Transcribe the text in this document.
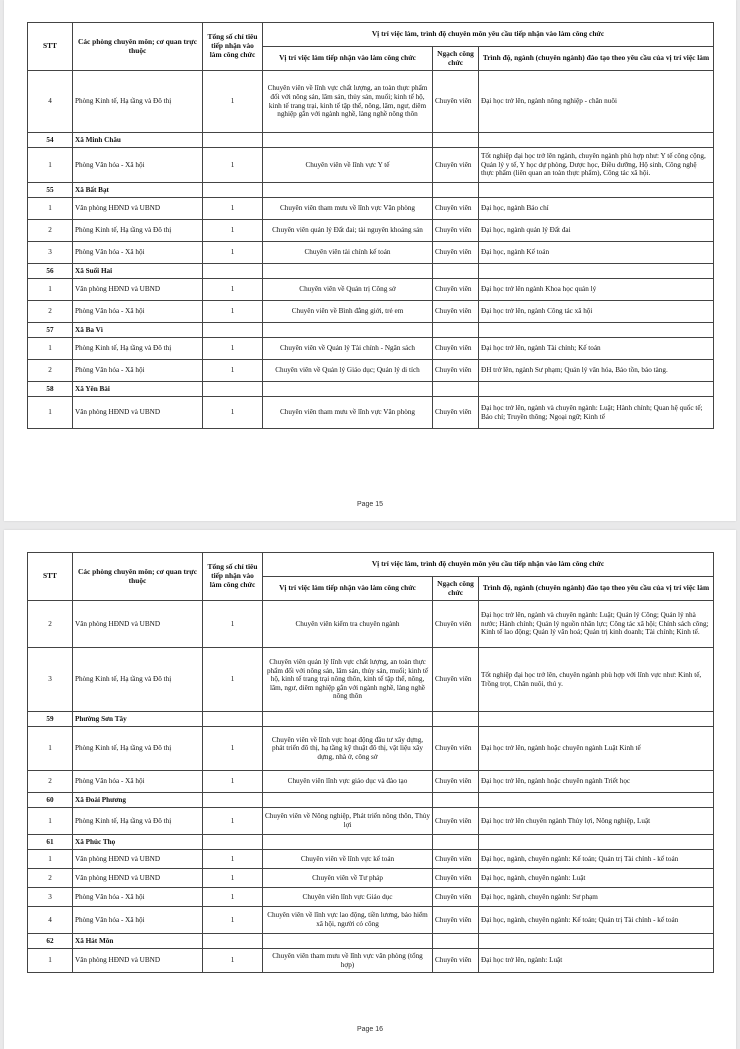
STT	Các phòng chuyên môn; cơ quan trực thuộc	Tổng số chỉ tiêu tiếp nhận vào làm công chức	Vị trí việc làm, trình độ chuyên môn yêu cầu tiếp nhận vào làm công chức		
			Vị trí việc làm tiếp nhận vào làm công chức	Ngạch công chức	Trình độ, ngành (chuyên ngành) đào tạo theo yêu cầu của vị trí việc làm
4	Phòng Kinh tế, Hạ tầng và Đô thị	1	Chuyên viên về lĩnh vực chất lượng, an toàn thực phẩm đối với nông sản, lâm sản, thủy sản, muối; kinh tế hộ, kinh tế trang trại, kinh tế tập thể, nông, lâm, ngư, diêm nghiệp gắn với ngành nghề, làng nghề nông thôn	Chuyên viên	Đại học trở lên, ngành nông nghiệp - chăn nuôi
54	Xã Minh Châu				
1	Phòng Văn hóa - Xã hội	1	Chuyên viên về lĩnh vực Y tế	Chuyên viên	Tốt nghiệp đại học trở lên ngành, chuyên ngành phù hợp như: Y tế công cộng, Quản lý y tế, Y học dự phòng, Dược học, Điều dưỡng, Hộ sinh, Công nghệ thực phẩm (liên quan an toàn thực phẩm), Công tác xã hội.
55	Xã Bất Bạt				
1	Văn phòng HĐND và UBND	1	Chuyên viên tham mưu về lĩnh vực Văn phòng	Chuyên viên	Đại học, ngành Báo chí
2	Phòng Kinh tế, Hạ tầng và Đô thị	1	Chuyên viên quản lý Đất đai; tài nguyên khoáng sản	Chuyên viên	Đại học, ngành quản lý Đất đai
3	Phòng Văn hóa - Xã hội	1	Chuyên viên tài chính kế toán	Chuyên viên	Đại học, ngành Kế toán
56	Xã Suối Hai				
1	Văn phòng HĐND và UBND	1	Chuyên viên về Quản trị Công sở	Chuyên viên	Đại học trở lên ngành Khoa học quản lý
2	Phòng Văn hóa - Xã hội	1	Chuyên viên về Bình đẳng giới, trẻ em	Chuyên viên	Đại học trở lên, ngành Công tác xã hội
57	Xã Ba Vì				
1	Phòng Kinh tế, Hạ tầng và Đô thị	1	Chuyên viên về Quản lý Tài chính - Ngân sách	Chuyên viên	Đại học trở lên, ngành Tài chính; Kế toán
2	Phòng Văn hóa - Xã hội	1	Chuyên viên về Quản lý Giáo dục; Quản lý di tích	Chuyên viên	ĐH trở lên, ngành Sư phạm; Quản lý văn hóa, Bảo tồn, bảo tàng.
58	Xã Yên Bài				
1	Văn phòng HĐND và UBND	1	Chuyên viên tham mưu về lĩnh vực Văn phòng	Chuyên viên	Đại học trở lên, ngành và chuyên ngành: Luật; Hành chính; Quan hệ quốc tế; Báo chí; Truyền thông; Ngoại ngữ; Kinh tế
Page 15
STT	Các phòng chuyên môn; cơ quan trực thuộc	Tổng số chỉ tiêu tiếp nhận vào làm công chức	Vị trí việc làm, trình độ chuyên môn yêu cầu tiếp nhận vào làm công chức		
			Vị trí việc làm tiếp nhận vào làm công chức	Ngạch công chức	Trình độ, ngành (chuyên ngành) đào tạo theo yêu cầu của vị trí việc làm
2	Văn phòng HĐND và UBND	1	Chuyên viên kiểm tra chuyên ngành	Chuyên viên	Đại học trở lên, ngành và chuyên ngành: Luật; Quản lý Công; Quản lý nhà nước; Hành chính; Quản lý nguồn nhân lực; Công tác xã hội; Chính sách công; Kinh tế lao động; Quản lý văn hoá; Quản trị kinh doanh; Tài chính; Kinh tế.
3	Phòng Kinh tế, Hạ tầng và Đô thị	1	Chuyên viên quản lý lĩnh vực chất lượng, an toàn thực phẩm đối với nông sản, lâm sản, thủy sản, muối; kinh tế hộ, kinh tế trang trại nông thôn, kinh tế tập thể, nông, lâm, ngư, diêm nghiệp gắn với ngành nghề, làng nghề nông thôn	Chuyên viên	Tốt nghiệp đại học trở lên, chuyên ngành phù hợp với lĩnh vực như: Kinh tế, Trồng trọt, Chăn nuôi, thú y.
59	Phường Sơn Tây				
1	Phòng Kinh tế, Hạ tầng và Đô thị	1	Chuyên viên về lĩnh vực hoạt động đầu tư xây dựng, phát triển đô thị, hạ tầng kỹ thuật đô thị, vật liệu xây dựng, nhà ở, công sở	Chuyên viên	Đại học trở lên, ngành hoặc chuyên ngành Luật Kinh tế
2	Phòng Văn hóa - Xã hội	1	Chuyên viên lĩnh vực giáo dục và đào tạo	Chuyên viên	Đại học trở lên, ngành hoặc chuyên ngành Triết học
60	Xã Đoài Phương				
1	Phòng Kinh tế, Hạ tầng và Đô thị	1	Chuyên viên về Nông nghiệp, Phát triển nông thôn, Thủy lợi	Chuyên viên	Đại học trở lên chuyên ngành Thủy lợi, Nông nghiệp, Luật
61	Xã Phúc Thọ				
1	Văn phòng HĐND và UBND	1	Chuyên viên về lĩnh vực kế toán	Chuyên viên	Đại học, ngành, chuyên ngành: Kế toán; Quản trị Tài chính - kế toán
2	Văn phòng HĐND và UBND	1	Chuyên viên về Tư pháp	Chuyên viên	Đại học, ngành, chuyên ngành: Luật
3	Phòng Văn hóa - Xã hội	1	Chuyên viên lĩnh vực Giáo dục	Chuyên viên	Đại học, ngành, chuyên ngành: Sư phạm
4	Phòng Văn hóa - Xã hội	1	Chuyên viên về lĩnh vực lao động, tiền lương, bảo hiểm xã hội, người có công	Chuyên viên	Đại học, ngành, chuyên ngành: Kế toán; Quản trị Tài chính - kế toán
62	Xã Hát Môn				
1	Văn phòng HĐND và UBND	1	Chuyên viên tham mưu về lĩnh vực văn phòng (tổng hợp)	Chuyên viên	Đại học trở lên, ngành: Luật
Page 16
